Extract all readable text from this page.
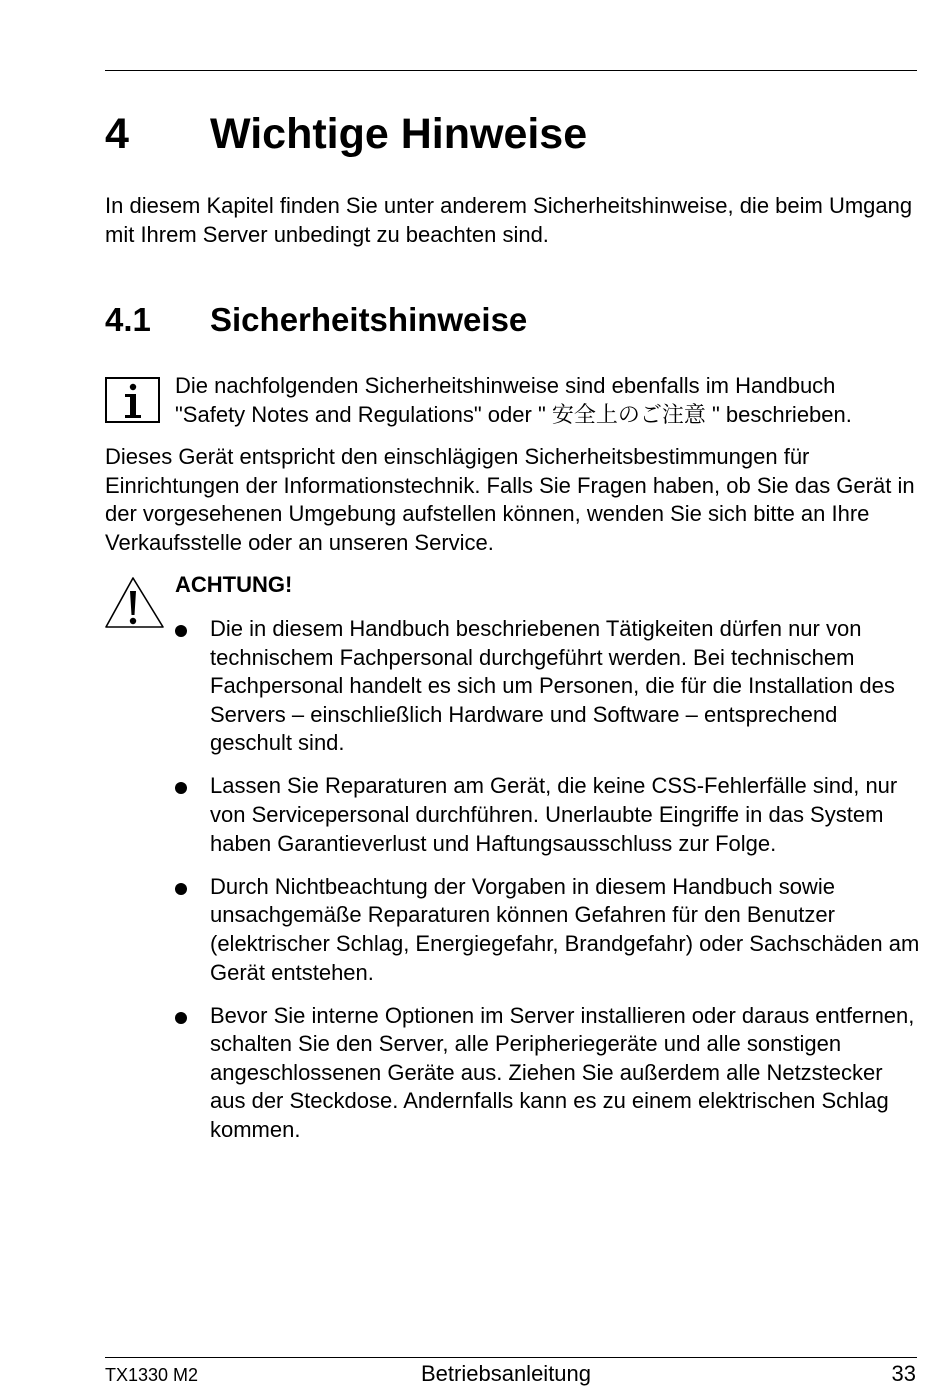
4 Wichtige Hinweise

In diesem Kapitel finden Sie unter anderem Sicherheitshinweise, die beim Umgang mit Ihrem Server unbedingt zu beachten sind.

4.1 Sicherheitshinweise
Die nachfolgenden Sicherheitshinweise sind ebenfalls im Handbuch
"Safety Notes and Regulations" oder " 安全上のご注意 " beschrieben.

Dieses Gerät entspricht den einschlägigen Sicherheitsbestimmungen für Einrichtungen der Informationstechnik. Falls Sie Fragen haben, ob Sie das Gerät in der vorgesehenen Umgebung aufstellen können, wenden Sie sich bitte an Ihre Verkaufsstelle oder an unseren Service.

ACHTUNG!
Die in diesem Handbuch beschriebenen Tätigkeiten dürfen nur von technischem Fachpersonal durchgeführt werden. Bei technischem Fachpersonal handelt es sich um Personen, die für die Installation des Servers – einschließlich Hardware und Software – entsprechend geschult sind.
Lassen Sie Reparaturen am Gerät, die keine CSS-Fehlerfälle sind, nur von Servicepersonal durchführen. Unerlaubte Eingriffe in das System haben Garantieverlust und Haftungsausschluss zur Folge.
Durch Nichtbeachtung der Vorgaben in diesem Handbuch sowie unsachgemäße Reparaturen können Gefahren für den Benutzer (elektrischer Schlag, Energiegefahr, Brandgefahr) oder Sachschäden am Gerät entstehen.
Bevor Sie interne Optionen im Server installieren oder daraus entfernen, schalten Sie den Server, alle Peripheriegeräte und alle sonstigen angeschlossenen Geräte aus. Ziehen Sie außerdem alle Netzstecker aus der Steckdose. Andernfalls kann es zu einem elektrischen Schlag kommen.
TX1330 M2	Betriebsanleitung	33
